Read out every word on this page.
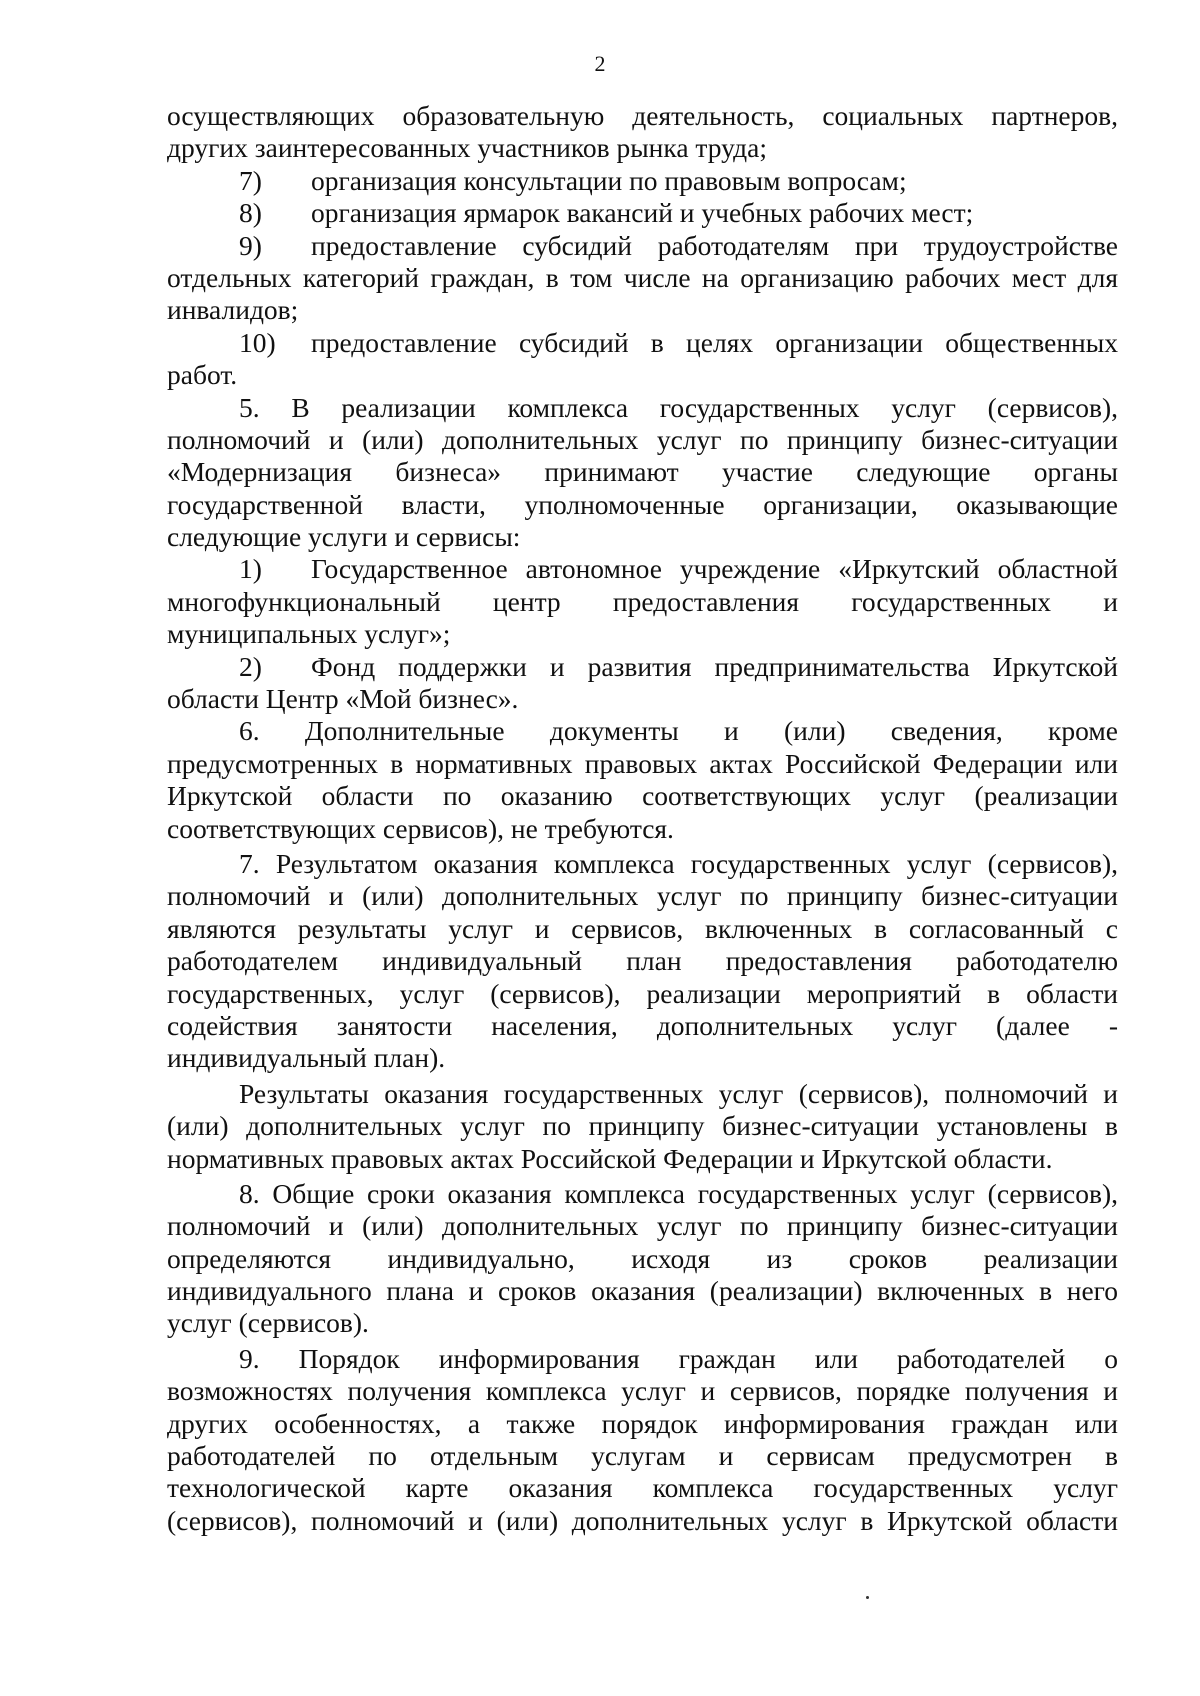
2
осуществляющих образовательную деятельность, социальных партнеров,
других заинтересованных участников рынка труда;
7)	организация консультации по правовым вопросам;
8)	организация ярмарок вакансий и учебных рабочих мест;
9)	предоставление субсидий работодателям при трудоустройстве
отдельных категорий граждан, в том числе на организацию рабочих мест для
инвалидов;
10)	предоставление субсидий в целях организации общественных
работ.
5. В реализации комплекса государственных услуг (сервисов),
полномочий и (или) дополнительных услуг по принципу бизнес-ситуации
«Модернизация бизнеса» принимают участие следующие органы
государственной власти, уполномоченные организации, оказывающие
следующие услуги и сервисы:
1)	Государственное автономное учреждение «Иркутский областной
многофункциональный центр предоставления государственных и
муниципальных услуг»;
2)	Фонд поддержки и развития предпринимательства Иркутской
области Центр «Мой бизнес».
6. Дополнительные документы и (или) сведения, кроме
предусмотренных в нормативных правовых актах Российской Федерации или
Иркутской области по оказанию соответствующих услуг (реализации
соответствующих сервисов), не требуются.
7. Результатом оказания комплекса государственных услуг (сервисов),
полномочий и (или) дополнительных услуг по принципу бизнес-ситуации
являются результаты услуг и сервисов, включенных в согласованный с
работодателем индивидуальный план предоставления работодателю
государственных, услуг (сервисов), реализации мероприятий в области
содействия занятости населения, дополнительных услуг (далее -
индивидуальный план).
Результаты оказания государственных услуг (сервисов), полномочий и
(или) дополнительных услуг по принципу бизнес-ситуации установлены в
нормативных правовых актах Российской Федерации и Иркутской области.
8. Общие сроки оказания комплекса государственных услуг (сервисов),
полномочий и (или) дополнительных услуг по принципу бизнес-ситуации
определяются индивидуально, исходя из сроков реализации
индивидуального плана и сроков оказания (реализации) включенных в него
услуг (сервисов).
9. Порядок информирования граждан или работодателей о
возможностях получения комплекса услуг и сервисов, порядке получения и
других особенностях, а также порядок информирования граждан или
работодателей по отдельным услугам и сервисам предусмотрен в
технологической карте оказания комплекса государственных услуг
(сервисов), полномочий и (или) дополнительных услуг в Иркутской области
